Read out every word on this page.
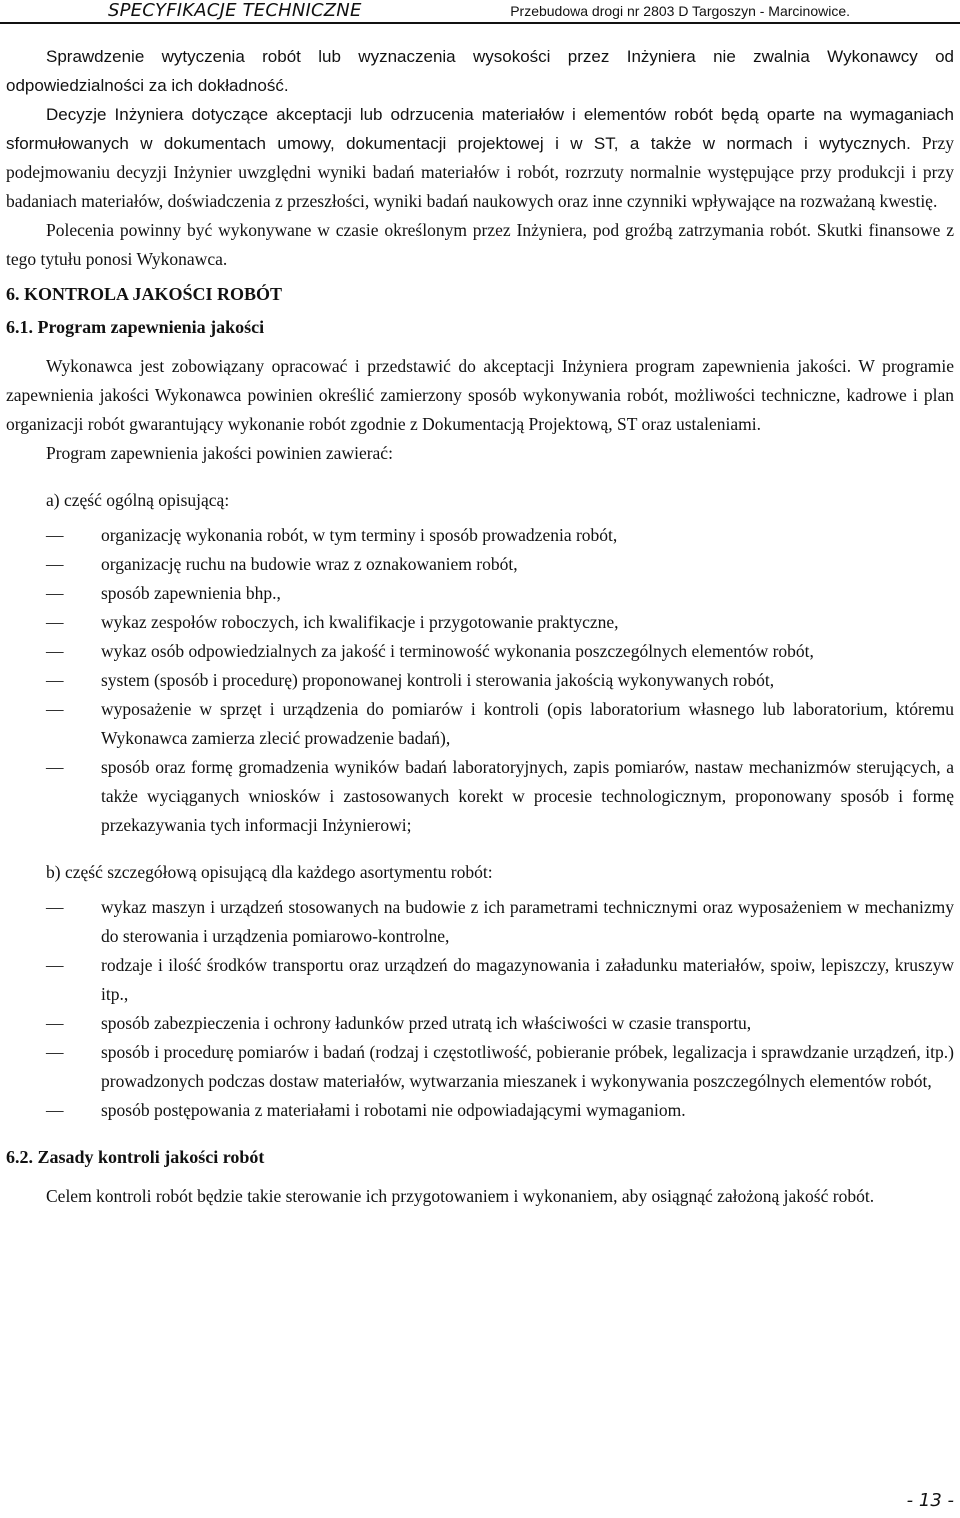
SPECYFIKACJE TECHNICZNE	Przebudowa drogi nr 2803 D Targoszyn - Marcinowice.

Sprawdzenie wytyczenia robót lub wyznaczenia wysokości przez Inżyniera nie zwalnia Wykonawcy od odpowiedzialności za ich dokładność.

Decyzje Inżyniera dotyczące akceptacji lub odrzucenia materiałów i elementów robót będą oparte na wymaganiach sformułowanych w dokumentach umowy, dokumentacji projektowej i w ST, a także w normach i wytycznych. Przy podejmowaniu decyzji Inżynier uwzględni wyniki badań materiałów i robót, rozrzuty normalnie występujące przy produkcji i przy badaniach materiałów, doświadczenia z przeszłości, wyniki badań naukowych oraz inne czynniki wpływające na rozważaną kwestię.

Polecenia powinny być wykonywane w czasie określonym przez Inżyniera, pod groźbą zatrzymania robót. Skutki finansowe z tego tytułu ponosi Wykonawca.

6. KONTROLA JAKOŚCI ROBÓT

6.1. Program zapewnienia jakości

Wykonawca jest zobowiązany opracować i przedstawić do akceptacji Inżyniera program zapewnienia jakości. W programie zapewnienia jakości Wykonawca powinien określić zamierzony sposób wykonywania robót, możliwości techniczne, kadrowe i plan organizacji robót gwarantujący wykonanie robót zgodnie z Dokumentacją Projektową, ST oraz ustaleniami.

Program zapewnienia jakości powinien zawierać:

a) część ogólną opisującą:

— organizację wykonania robót, w tym terminy i sposób prowadzenia robót,
— organizację ruchu na budowie wraz z oznakowaniem robót,
— sposób zapewnienia bhp.,
— wykaz zespołów roboczych, ich kwalifikacje i przygotowanie praktyczne,
— wykaz osób odpowiedzialnych za jakość i terminowość wykonania poszczególnych elementów robót,
— system (sposób i procedurę) proponowanej kontroli i sterowania jakością wykonywanych robót,
— wyposażenie w sprzęt i urządzenia do pomiarów i kontroli (opis laboratorium własnego lub laboratorium, któremu Wykonawca zamierza zlecić prowadzenie badań),
— sposób oraz formę gromadzenia wyników badań laboratoryjnych, zapis pomiarów, nastaw mechanizmów sterujących, a także wyciąganych wniosków i zastosowanych korekt w procesie technologicznym, proponowany sposób i formę przekazywania tych informacji Inżynierowi;

b) część szczegółową opisującą dla każdego asortymentu robót:

— wykaz maszyn i urządzeń stosowanych na budowie z ich parametrami technicznymi oraz wyposażeniem w mechanizmy do sterowania i urządzenia pomiarowo-kontrolne,
— rodzaje i ilość środków transportu oraz urządzeń do magazynowania i załadunku materiałów, spoiw, lepiszczy, kruszyw itp.,
— sposób zabezpieczenia i ochrony ładunków przed utratą ich właściwości w czasie transportu,
— sposób i procedurę pomiarów i badań (rodzaj i częstotliwość, pobieranie próbek, legalizacja i sprawdzanie urządzeń, itp.) prowadzonych podczas dostaw materiałów, wytwarzania mieszanek i wykonywania poszczególnych elementów robót,
— sposób postępowania z materiałami i robotami nie odpowiadającymi wymaganiom.

6.2. Zasady kontroli jakości robót

Celem kontroli robót będzie takie sterowanie ich przygotowaniem i wykonaniem, aby osiągnąć założoną jakość robót.

- 13 -
